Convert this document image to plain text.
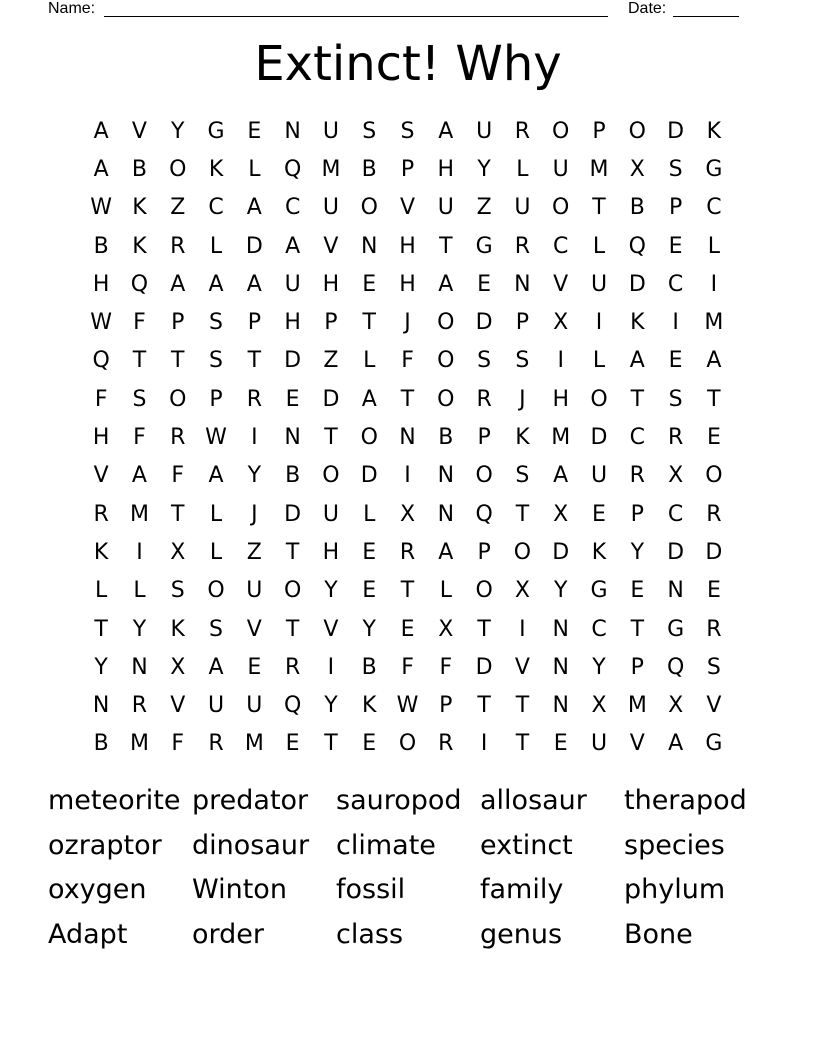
Name:	Date:
Extinct! Why
A	V	Y	G	E	N	U	S	S	A	U	R O	P	O D	K
A	B	O	K	L	Q M B	P	H	Y	L	U M X	S	G
W K	Z	C	A	C	U O	V	U	Z	U O	T	B	P	C
B	K	R	L	D	A	V	N H	T	G	R	C	L	Q	E	L
H Q	A	A	A	U H	E	H	A	E	N	V	U D	C	I
W F	P	S	P	H	P	T	J	O D	P	X	I	K	I	M
Q	T	T	S	T	D	Z	L	F	O	S	S	I	L	A	E	A
F	S	O	P	R	E	D	A	T	O R	J	H O	T	S	T
H	F	R W	I	N	T	O N	B	P	K M D	C	R	E
V	A	F	A	Y	B	O D	I	N O	S	A	U	R	X	O
R M	T	L	J	D U	L	X	N Q	T	X	E	P	C	R
K	I	X	L	Z	T	H	E	R	A	P	O D	K	Y	D D
L	L	S	O U O	Y	E	T	L	O	X	Y	G	E	N	E
T	Y	K	S	V	T	V	Y	E	X	T	I	N	C	T	G	R
Y	N	X	A	E	R	I	B	F	F	D	V	N	Y	P	Q	S
N	R	V	U	U Q	Y	K W P	T	T	N	X M X	V
B M	F	R M E	T	E	O R	I	T	E	U	V	A	G
meteorite predator	sauropod allosaur	therapod
ozraptor	dinosaur climate	extinct	species
oxygen	Winton	fossil	family	phylum
Adapt	order	class	genus	Bone
